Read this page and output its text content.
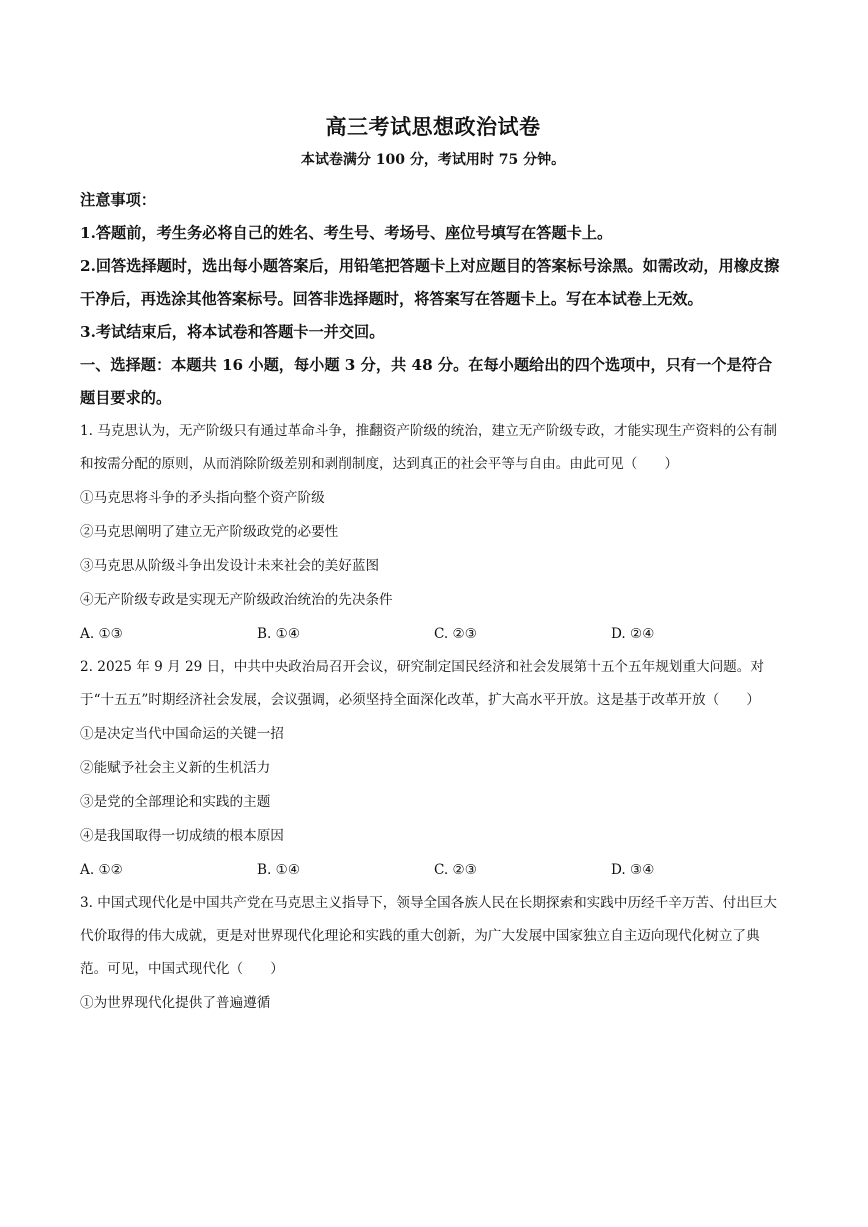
高三考试思想政治试卷
本试卷满分 100 分，考试用时 75 分钟。

注意事项：

1.答题前，考生务必将自己的姓名、考生号、考场号、座位号填写在答题卡上。

2.回答选择题时，选出每小题答案后，用铅笔把答题卡上对应题目的答案标号涂黑。如需改动，用橡皮擦干净后，再选涂其他答案标号。回答非选择题时，将答案写在答题卡上。写在本试卷上无效。

3.考试结束后，将本试卷和答题卡一并交回。

一、选择题：本题共 16 小题，每小题 3 分，共 48 分。在每小题给出的四个选项中，只有一个是符合题目要求的。

1. 马克思认为，无产阶级只有通过革命斗争，推翻资产阶级的统治，建立无产阶级专政，才能实现生产资料的公有制和按需分配的原则，从而消除阶级差别和剥削制度，达到真正的社会平等与自由。由此可见（　　）

①马克思将斗争的矛头指向整个资产阶级

②马克思阐明了建立无产阶级政党的必要性

③马克思从阶级斗争出发设计未来社会的美好蓝图

④无产阶级专政是实现无产阶级政治统治的先决条件

A. ①③	B. ①④	C. ②③	D. ②④

2. 2025 年 9 月 29 日，中共中央政治局召开会议，研究制定国民经济和社会发展第十五个五年规划重大问题。对于“十五五”时期经济社会发展，会议强调，必须坚持全面深化改革，扩大高水平开放。这是基于改革开放（　　）

①是决定当代中国命运的关键一招

②能赋予社会主义新的生机活力

③是党的全部理论和实践的主题

④是我国取得一切成绩的根本原因

A. ①②	B. ①④	C. ②③	D. ③④

3. 中国式现代化是中国共产党在马克思主义指导下，领导全国各族人民在长期探索和实践中历经千辛万苦、付出巨大代价取得的伟大成就，更是对世界现代化理论和实践的重大创新，为广大发展中国家独立自主迈向现代化树立了典范。可见，中国式现代化（　　）

①为世界现代化提供了普遍遵循
